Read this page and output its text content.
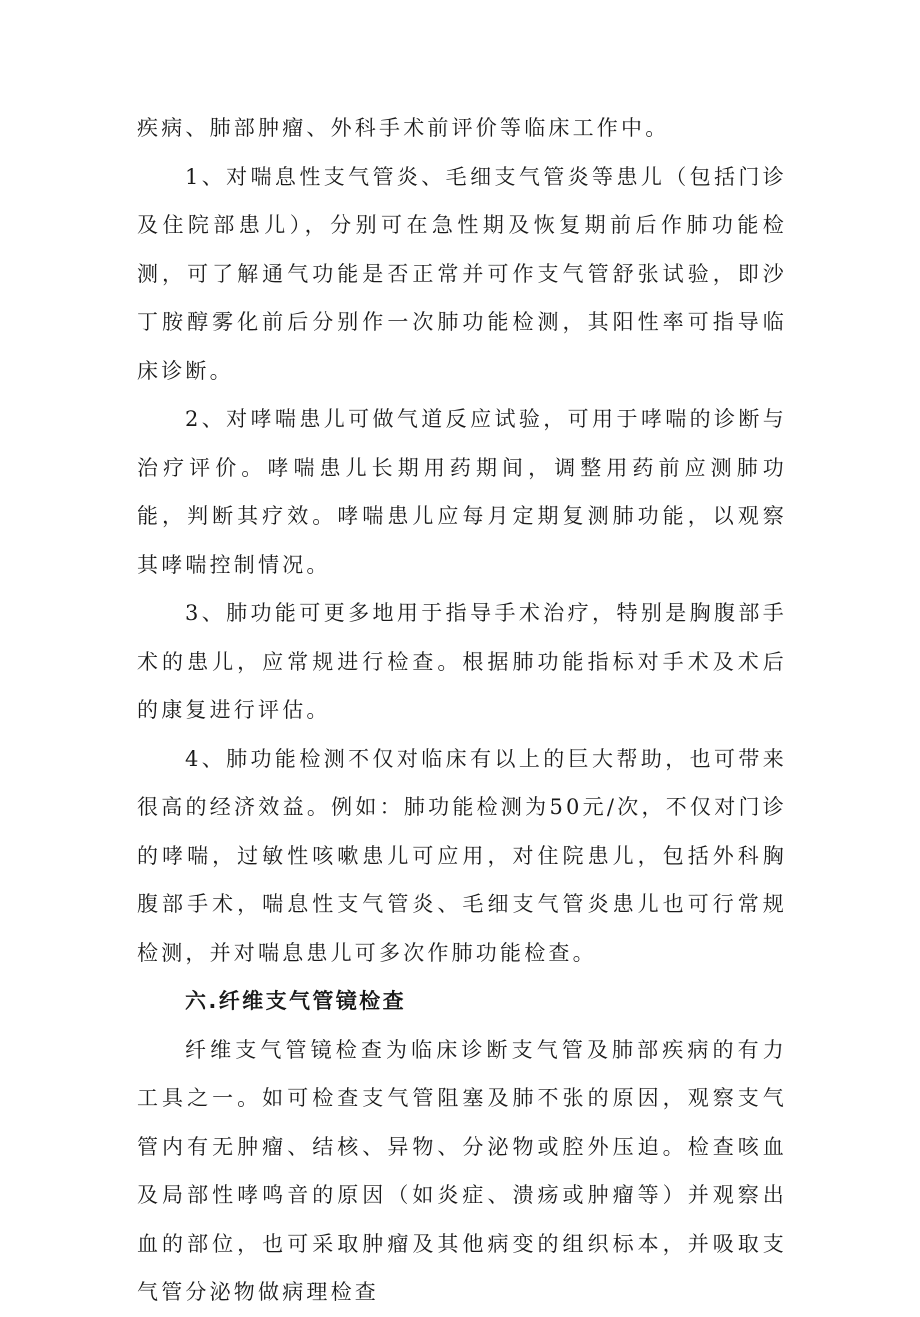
疾病、肺部肿瘤、外科手术前评价等临床工作中。

1、对喘息性支气管炎、毛细支气管炎等患儿（包括门诊及住院部患儿），分别可在急性期及恢复期前后作肺功能检测，可了解通气功能是否正常并可作支气管舒张试验，即沙丁胺醇雾化前后分别作一次肺功能检测，其阳性率可指导临床诊断。

2、对哮喘患儿可做气道反应试验，可用于哮喘的诊断与治疗评价。哮喘患儿长期用药期间，调整用药前应测肺功能，判断其疗效。哮喘患儿应每月定期复测肺功能，以观察其哮喘控制情况。

3、肺功能可更多地用于指导手术治疗，特别是胸腹部手术的患儿，应常规进行检查。根据肺功能指标对手术及术后的康复进行评估。

4、肺功能检测不仅对临床有以上的巨大帮助，也可带来很高的经济效益。例如：肺功能检测为50元/次，不仅对门诊的哮喘，过敏性咳嗽患儿可应用，对住院患儿，包括外科胸腹部手术，喘息性支气管炎、毛细支气管炎患儿也可行常规检测，并对喘息患儿可多次作肺功能检查。

六.纤维支气管镜检查

纤维支气管镜检查为临床诊断支气管及肺部疾病的有力工具之一。如可检查支气管阻塞及肺不张的原因，观察支气管内有无肿瘤、结核、异物、分泌物或腔外压迫。检查咳血及局部性哮鸣音的原因（如炎症、溃疡或肿瘤等）并观察出血的部位，也可采取肿瘤及其他病变的组织标本，并吸取支气管分泌物做病理检查
